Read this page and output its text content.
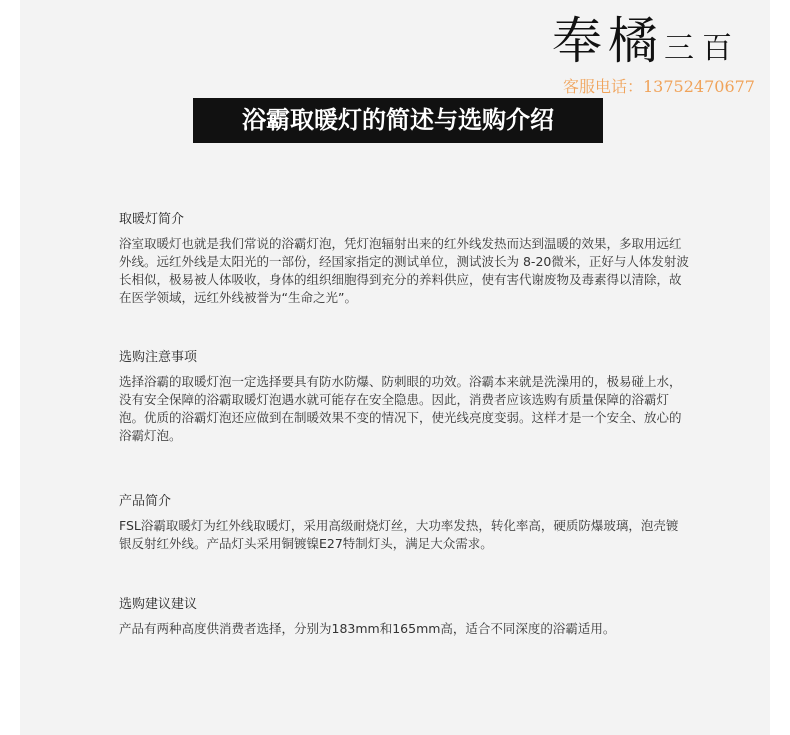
奉橘三百
客服电话：13752470677
浴霸取暖灯的简述与选购介绍
取暖灯简介

浴室取暖灯也就是我们常说的浴霸灯泡，凭灯泡辐射出来的红外线发热而达到温暖的效果，多取用远红外线。远红外线是太阳光的一部份，经国家指定的测试单位，测试波长为 8-20微米，正好与人体发射波长相似，极易被人体吸收，身体的组织细胞得到充分的养料供应，使有害代谢废物及毒素得以清除，故在医学领域，远红外线被誉为“生命之光”。

选购注意事项

选择浴霸的取暖灯泡一定选择要具有防水防爆、防刺眼的功效。浴霸本来就是洗澡用的，极易碰上水，没有安全保障的浴霸取暖灯泡遇水就可能存在安全隐患。因此，消费者应该选购有质量保障的浴霸灯泡。优质的浴霸灯泡还应做到在制暖效果不变的情况下，使光线亮度变弱。这样才是一个安全、放心的浴霸灯泡。

产品简介

FSL浴霸取暖灯为红外线取暖灯，采用高级耐烧灯丝，大功率发热，转化率高，硬质防爆玻璃，泡壳镀银反射红外线。产品灯头采用铜镀镍E27特制灯头，满足大众需求。

选购建议建议

产品有两种高度供消费者选择，分别为183mm和165mm高，适合不同深度的浴霸适用。
